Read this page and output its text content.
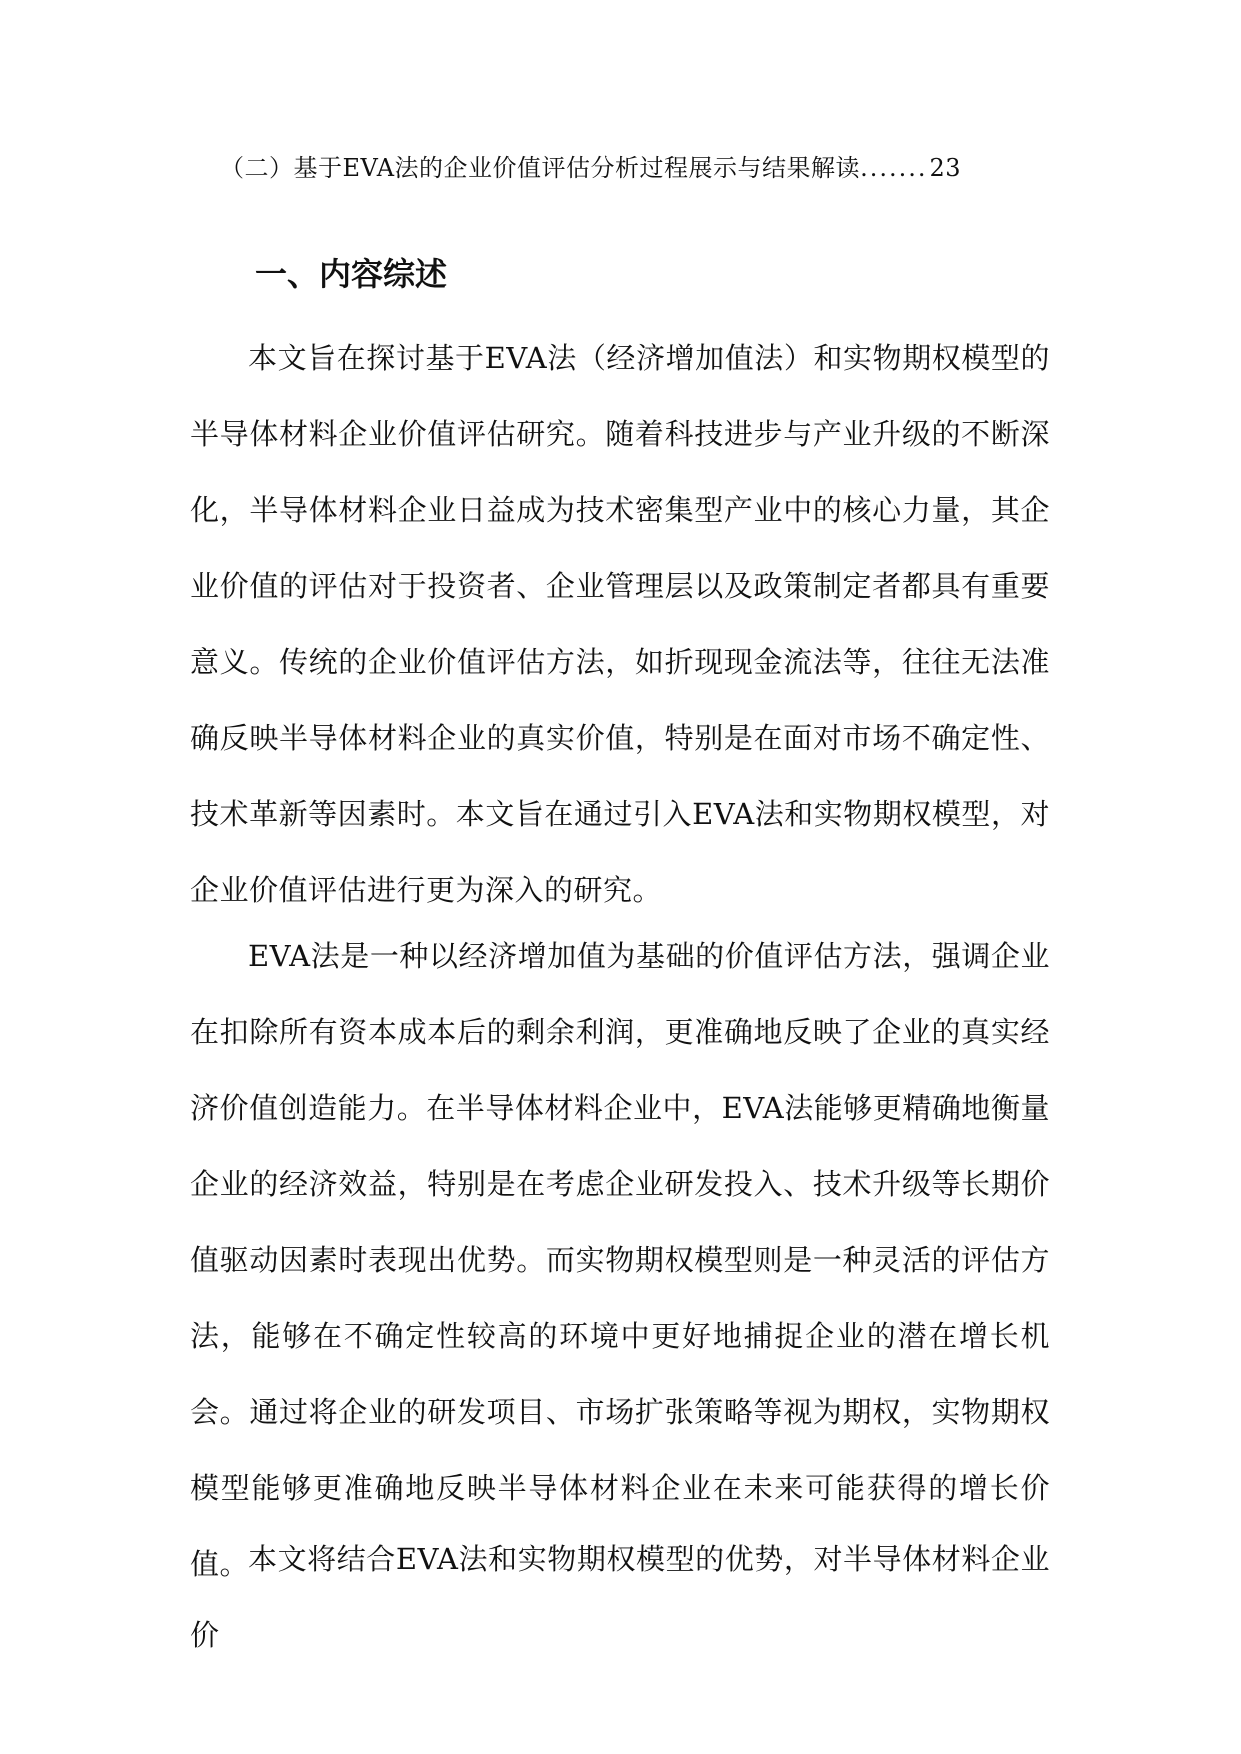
（二）基于EVA法的企业价值评估分析过程展示与结果解读.......23
一、内容综述

本文旨在探讨基于EVA法（经济增加值法）和实物期权模型的半导体材料企业价值评估研究。随着科技进步与产业升级的不断深化，半导体材料企业日益成为技术密集型产业中的核心力量，其企业价值的评估对于投资者、企业管理层以及政策制定者都具有重要意义。传统的企业价值评估方法，如折现现金流法等，往往无法准确反映半导体材料企业的真实价值，特别是在面对市场不确定性、技术革新等因素时。本文旨在通过引入EVA法和实物期权模型，对企业价值评估进行更为深入的研究。

EVA法是一种以经济增加值为基础的价值评估方法，强调企业在扣除所有资本成本后的剩余利润，更准确地反映了企业的真实经济价值创造能力。在半导体材料企业中，EVA法能够更精确地衡量企业的经济效益，特别是在考虑企业研发投入、技术升级等长期价值驱动因素时表现出优势。而实物期权模型则是一种灵活的评估方法，能够在不确定性较高的环境中更好地捕捉企业的潜在增长机会。通过将企业的研发项目、市场扩张策略等视为期权，实物期权模型能够更准确地反映半导体材料企业在未来可能获得的增长价值。

本文将结合EVA法和实物期权模型的优势，对半导体材料企业价
